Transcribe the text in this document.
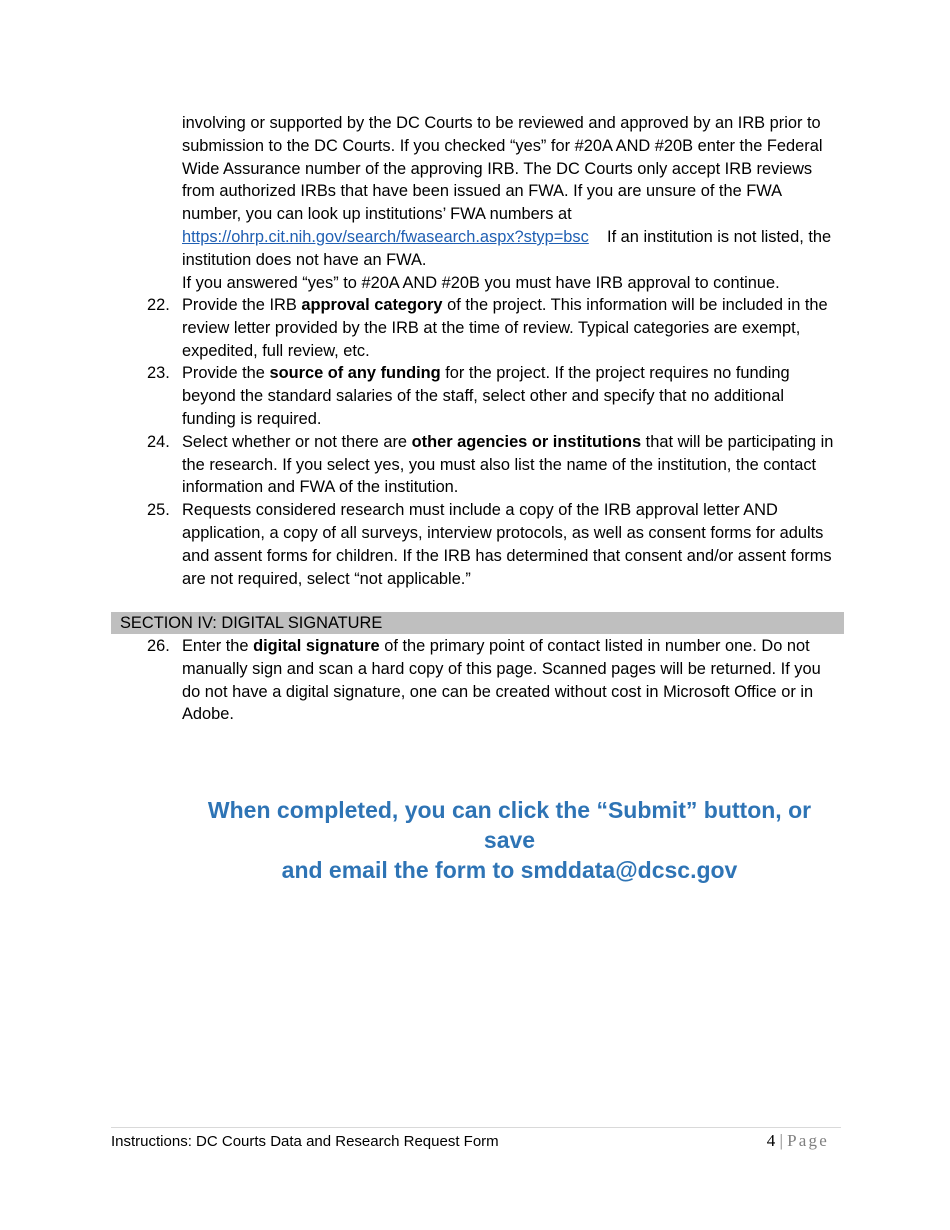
involving or supported by the DC Courts to be reviewed and approved by an IRB prior to submission to the DC Courts. If you checked “yes” for #20A AND #20B enter the Federal Wide Assurance number of the approving IRB. The DC Courts only accept IRB reviews from authorized IRBs that have been issued an FWA. If you are unsure of the FWA number, you can look up institutions’ FWA numbers at https://ohrp.cit.nih.gov/search/fwasearch.aspx?styp=bsc If an institution is not listed, the institution does not have an FWA.

If you answered “yes” to #20A AND #20B you must have IRB approval to continue.

22. Provide the IRB approval category of the project. This information will be included in the review letter provided by the IRB at the time of review. Typical categories are exempt, expedited, full review, etc.
23. Provide the source of any funding for the project. If the project requires no funding beyond the standard salaries of the staff, select other and specify that no additional funding is required.
24. Select whether or not there are other agencies or institutions that will be participating in the research. If you select yes, you must also list the name of the institution, the contact information and FWA of the institution.
25. Requests considered research must include a copy of the IRB approval letter AND application, a copy of all surveys, interview protocols, as well as consent forms for adults and assent forms for children. If the IRB has determined that consent and/or assent forms are not required, select “not applicable.”
SECTION IV: DIGITAL SIGNATURE
26. Enter the digital signature of the primary point of contact listed in number one. Do not manually sign and scan a hard copy of this page. Scanned pages will be returned. If you do not have a digital signature, one can be created without cost in Microsoft Office or in Adobe.
When completed, you can click the “Submit” button, or save
and email the form to smddata@dcsc.gov
Instructions: DC Courts Data and Research Request Form	4 | Page
